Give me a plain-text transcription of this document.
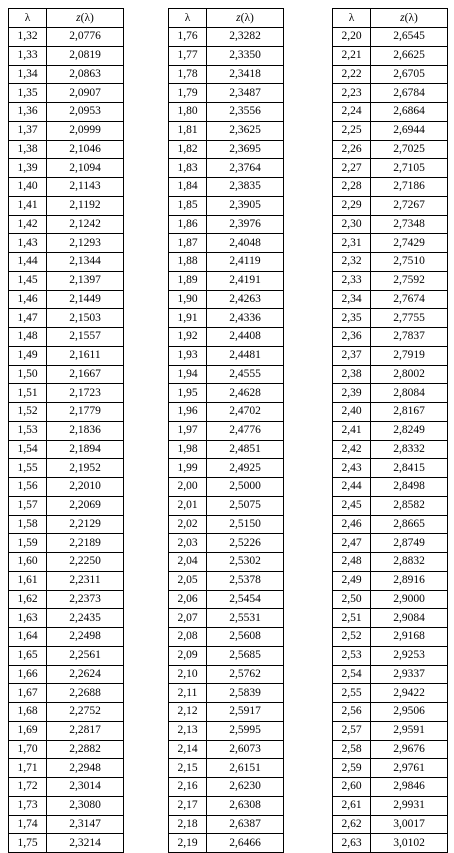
λ	z(λ)
1,32	2,0776
1,33	2,0819
1,34	2,0863
1,35	2,0907
1,36	2,0953
1,37	2,0999
1,38	2,1046
1,39	2,1094
1,40	2,1143
1,41	2,1192
1,42	2,1242
1,43	2,1293
1,44	2,1344
1,45	2,1397
1,46	2,1449
1,47	2,1503
1,48	2,1557
1,49	2,1611
1,50	2,1667
1,51	2,1723
1,52	2,1779
1,53	2,1836
1,54	2,1894
1,55	2,1952
1,56	2,2010
1,57	2,2069
1,58	2,2129
1,59	2,2189
1,60	2,2250
1,61	2,2311
1,62	2,2373
1,63	2,2435
1,64	2,2498
1,65	2,2561
1,66	2,2624
1,67	2,2688
1,68	2,2752
1,69	2,2817
1,70	2,2882
1,71	2,2948
1,72	2,3014
1,73	2,3080
1,74	2,3147
1,75	2,3214
λ	z(λ)
1,76	2,3282
1,77	2,3350
1,78	2,3418
1,79	2,3487
1,80	2,3556
1,81	2,3625
1,82	2,3695
1,83	2,3764
1,84	2,3835
1,85	2,3905
1,86	2,3976
1,87	2,4048
1,88	2,4119
1,89	2,4191
1,90	2,4263
1,91	2,4336
1,92	2,4408
1,93	2,4481
1,94	2,4555
1,95	2,4628
1,96	2,4702
1,97	2,4776
1,98	2,4851
1,99	2,4925
2,00	2,5000
2,01	2,5075
2,02	2,5150
2,03	2,5226
2,04	2,5302
2,05	2,5378
2,06	2,5454
2,07	2,5531
2,08	2,5608
2,09	2,5685
2,10	2,5762
2,11	2,5839
2,12	2,5917
2,13	2,5995
2,14	2,6073
2,15	2,6151
2,16	2,6230
2,17	2,6308
2,18	2,6387
2,19	2,6466
λ	z(λ)
2,20	2,6545
2,21	2,6625
2,22	2,6705
2,23	2,6784
2,24	2,6864
2,25	2,6944
2,26	2,7025
2,27	2,7105
2,28	2,7186
2,29	2,7267
2,30	2,7348
2,31	2,7429
2,32	2,7510
2,33	2,7592
2,34	2,7674
2,35	2,7755
2,36	2,7837
2,37	2,7919
2,38	2,8002
2,39	2,8084
2,40	2,8167
2,41	2,8249
2,42	2,8332
2,43	2,8415
2,44	2,8498
2,45	2,8582
2,46	2,8665
2,47	2,8749
2,48	2,8832
2,49	2,8916
2,50	2,9000
2,51	2,9084
2,52	2,9168
2,53	2,9253
2,54	2,9337
2,55	2,9422
2,56	2,9506
2,57	2,9591
2,58	2,9676
2,59	2,9761
2,60	2,9846
2,61	2,9931
2,62	3,0017
2,63	3,0102
